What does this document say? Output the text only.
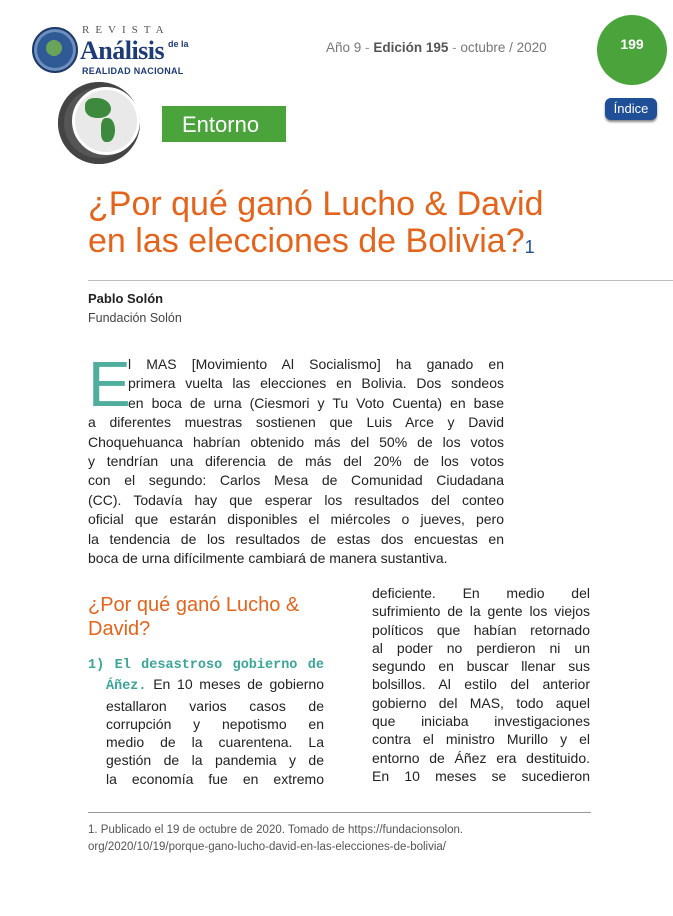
REVISTA
Análisis de la
REALIDAD NACIONAL
Año 9 - Edición 195 - octubre / 2020	199
Índice
Entorno
¿Por qué ganó Lucho & David
en las elecciones de Bolivia?$^1$
Pablo Solón
Fundación Solón
E
l MAS [Movimiento Al Socialismo] ha ganado en
primera vuelta las elecciones en Bolivia. Dos sondeos
en boca de urna (Ciesmori y Tu Voto Cuenta) en base
a diferentes muestras sostienen que Luis Arce y David
Choquehuanca habrían obtenido más del 50% de los votos
y tendrían una diferencia de más del 20% de los votos
con el segundo: Carlos Mesa de Comunidad Ciudadana
(CC). Todavía hay que esperar los resultados del conteo
oficial que estarán disponibles el miércoles o jueves, pero
la tendencia de los resultados de estas dos encuestas en
boca de urna difícilmente cambiará de manera sustantiva.
¿Por qué ganó Lucho & David?
1) El desastroso gobierno de
Áñez. En 10 meses de gobierno
estallaron varios casos de
corrupción y nepotismo en
medio de la cuarentena. La
gestión de la pandemia y de
la economía fue en extremo
deficiente. En medio del
sufrimiento de la gente los viejos
políticos que habían retornado
al poder no perdieron ni un
segundo en buscar llenar sus
bolsillos. Al estilo del anterior
gobierno del MAS, todo aquel
que iniciaba investigaciones
contra el ministro Murillo y el
entorno de Áñez era destituido.
En 10 meses se sucedieron
1. Publicado el 19 de octubre de 2020. Tomado de https://fundacionsolon.
org/2020/10/19/porque-gano-lucho-david-en-las-elecciones-de-bolivia/
